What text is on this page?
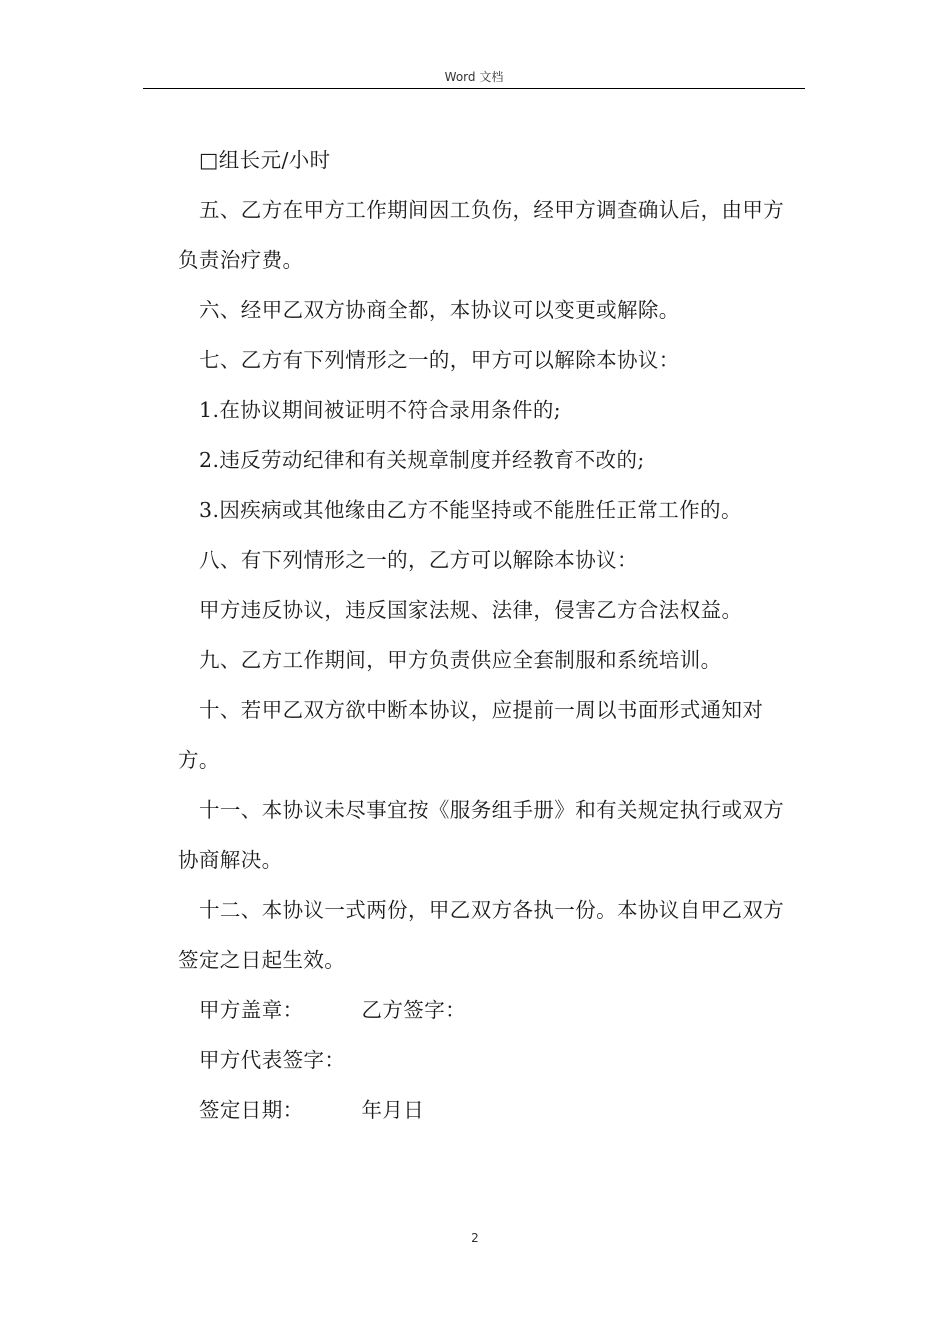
Word 文档

□组长元/小时

五、乙方在甲方工作期间因工负伤，经甲方调查确认后，由甲方负责治疗费。

六、经甲乙双方协商全都，本协议可以变更或解除。

七、乙方有下列情形之一的，甲方可以解除本协议：

1.在协议期间被证明不符合录用条件的;

2.违反劳动纪律和有关规章制度并经教育不改的;

3.因疾病或其他缘由乙方不能坚持或不能胜任正常工作的。

八、有下列情形之一的，乙方可以解除本协议：

甲方违反协议，违反国家法规、法律，侵害乙方合法权益。

九、乙方工作期间，甲方负责供应全套制服和系统培训。

十、若甲乙双方欲中断本协议，应提前一周以书面形式通知对方。

十一、本协议未尽事宜按《服务组手册》和有关规定执行或双方协商解决。

十二、本协议一式两份，甲乙双方各执一份。本协议自甲乙双方签定之日起生效。

甲方盖章：	乙方签字：

甲方代表签字：

签定日期：	年月日

2
